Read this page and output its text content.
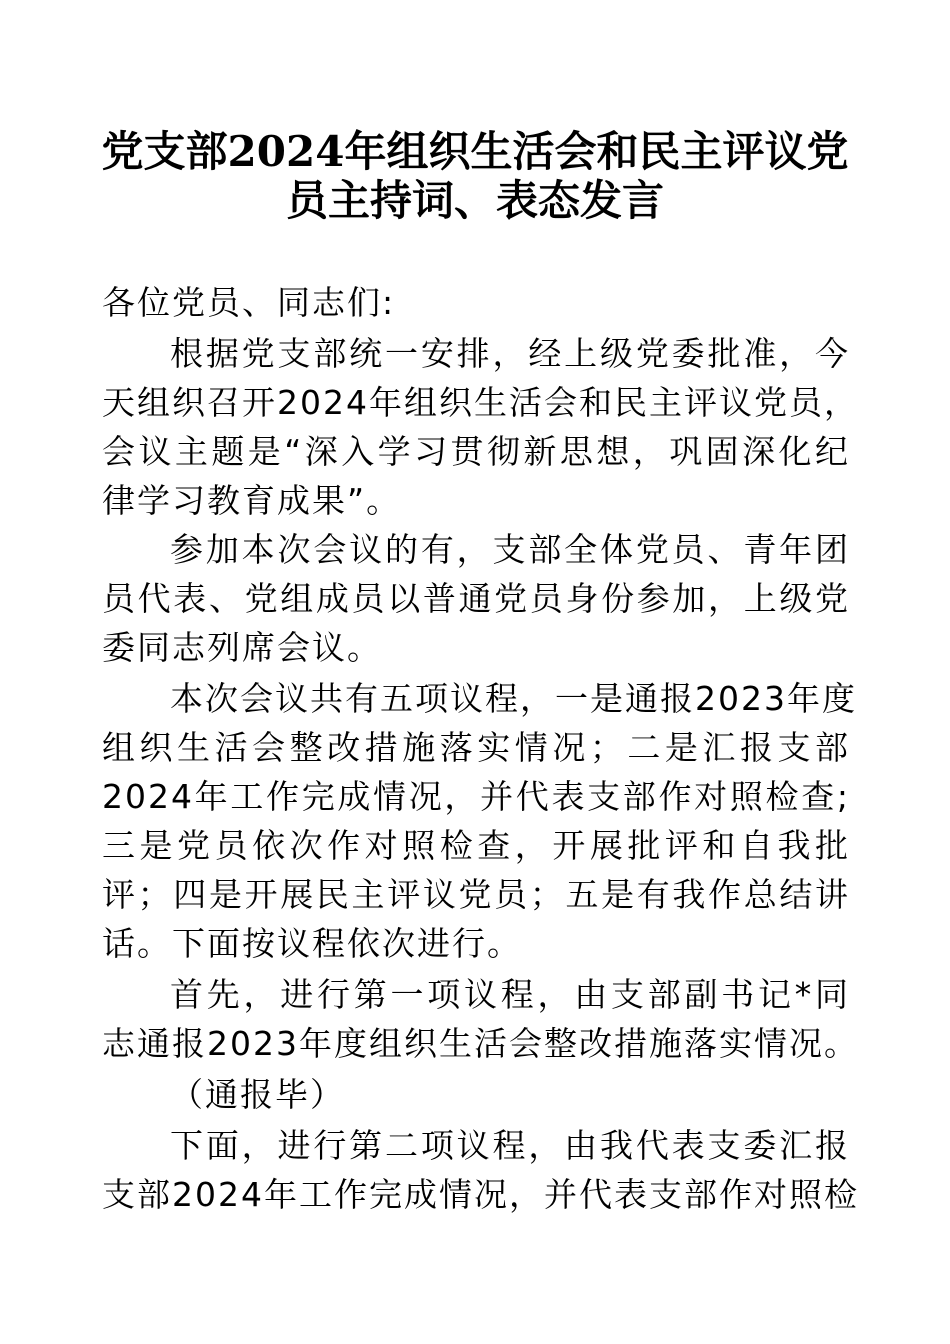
党支部2024年组织生活会和民主评议党
员主持词、表态发言
各位党员、同志们:
根据党支部统一安排，经上级党委批准，今
天组织召开2024年组织生活会和民主评议党员，
会议主题是“深入学习贯彻新思想，巩固深化纪
律学习教育成果”。
参加本次会议的有，支部全体党员、青年团
员代表、党组成员以普通党员身份参加，上级党
委同志列席会议。
本次会议共有五项议程，一是通报2023年度
组织生活会整改措施落实情况；二是汇报支部
2024年工作完成情况，并代表支部作对照检查;
三是党员依次作对照检查，开展批评和自我批
评；四是开展民主评议党员；五是有我作总结讲
话。下面按议程依次进行。
首先，进行第一项议程，由支部副书记*同
志通报2023年度组织生活会整改措施落实情况。
（通报毕）
下面，进行第二项议程，由我代表支委汇报
支部2024年工作完成情况，并代表支部作对照检
